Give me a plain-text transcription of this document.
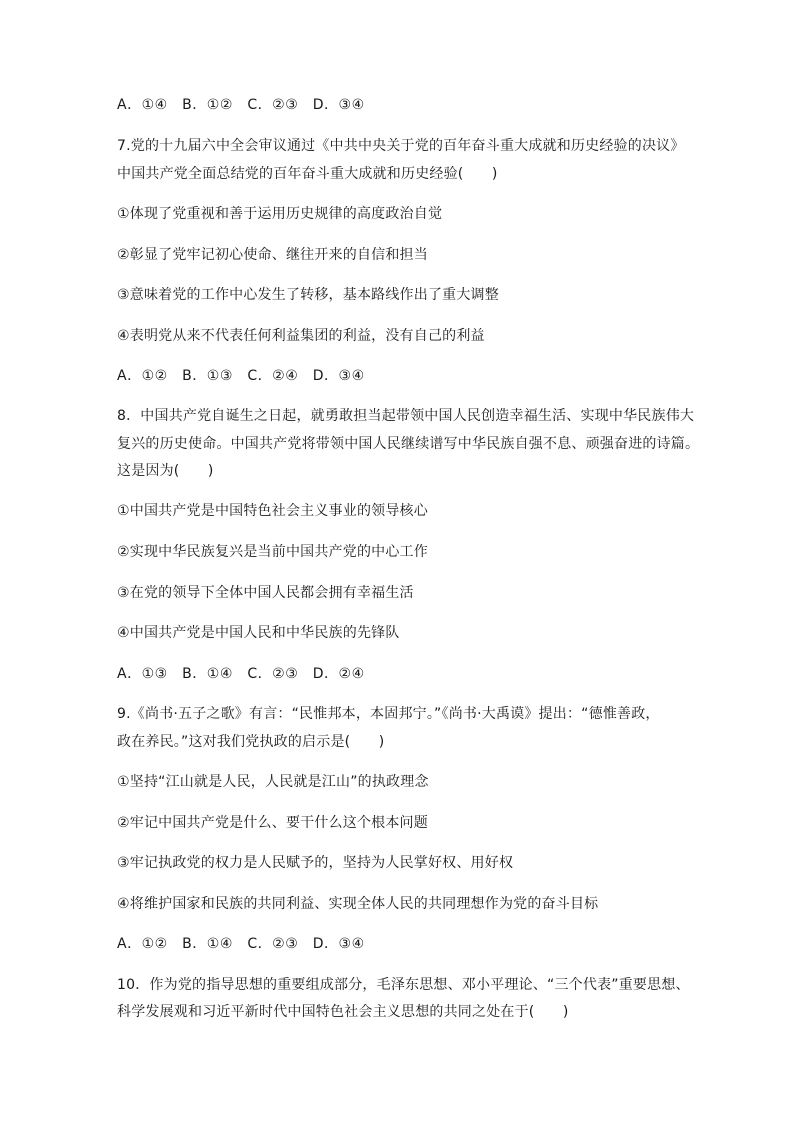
A．①④　B．①②　C．②③　D．③④
7.党的十九届六中全会审议通过《中共中央关于党的百年奋斗重大成就和历史经验的决议》
中国共产党全面总结党的百年奋斗重大成就和历史经验(　　)
①体现了党重视和善于运用历史规律的高度政治自觉
②彰显了党牢记初心使命、继往开来的自信和担当
③意味着党的工作中心发生了转移，基本路线作出了重大调整
④表明党从来不代表任何利益集团的利益，没有自己的利益
A．①②　B．①③　C．②④　D．③④
8．中国共产党自诞生之日起，就勇敢担当起带领中国人民创造幸福生活、实现中华民族伟大
复兴的历史使命。中国共产党将带领中国人民继续谱写中华民族自强不息、顽强奋进的诗篇。
这是因为(　　)
①中国共产党是中国特色社会主义事业的领导核心
②实现中华民族复兴是当前中国共产党的中心工作
③在党的领导下全体中国人民都会拥有幸福生活
④中国共产党是中国人民和中华民族的先锋队
A．①③　B．①④　C．②③　D．②④
9.《尚书·五子之歌》有言：“民惟邦本，本固邦宁。”《尚书·大禹谟》提出：“德惟善政，
政在养民。”这对我们党执政的启示是(　　)
①坚持“江山就是人民，人民就是江山”的执政理念
②牢记中国共产党是什么、要干什么这个根本问题
③牢记执政党的权力是人民赋予的，坚持为人民掌好权、用好权
④将维护国家和民族的共同利益、实现全体人民的共同理想作为党的奋斗目标
A．①②　B．①④　C．②③　D．③④
10．作为党的指导思想的重要组成部分，毛泽东思想、邓小平理论、“三个代表”重要思想、
科学发展观和习近平新时代中国特色社会主义思想的共同之处在于(　　)
